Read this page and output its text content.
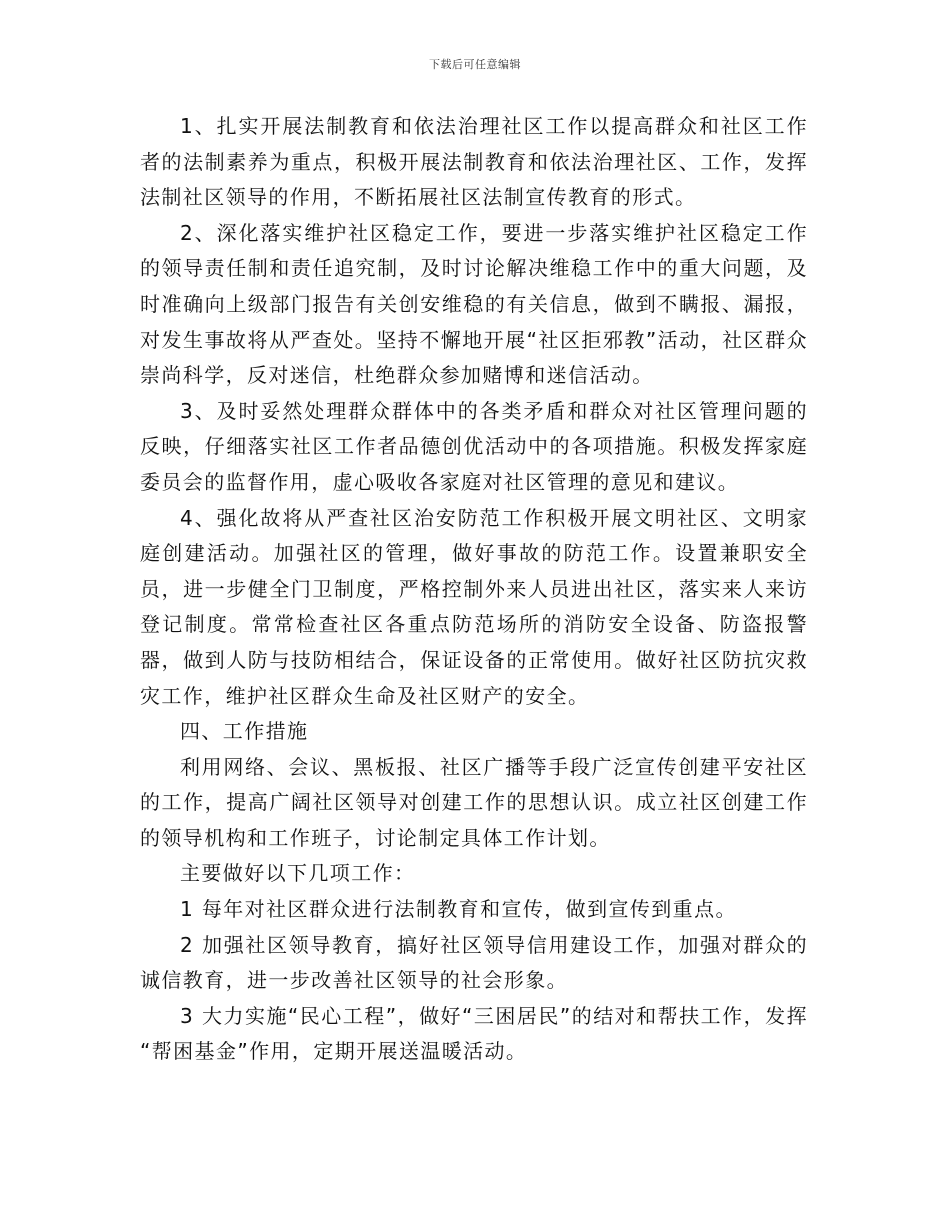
下载后可任意编辑

1、扎实开展法制教育和依法治理社区工作以提高群众和社区工作者的法制素养为重点，积极开展法制教育和依法治理社区、工作，发挥法制社区领导的作用，不断拓展社区法制宣传教育的形式。

2、深化落实维护社区稳定工作，要进一步落实维护社区稳定工作的领导责任制和责任追究制，及时讨论解决维稳工作中的重大问题，及时准确向上级部门报告有关创安维稳的有关信息，做到不瞒报、漏报，对发生事故将从严查处。坚持不懈地开展“社区拒邪教”活动，社区群众崇尚科学，反对迷信，杜绝群众参加赌博和迷信活动。

3、及时妥然处理群众群体中的各类矛盾和群众对社区管理问题的反映，仔细落实社区工作者品德创优活动中的各项措施。积极发挥家庭委员会的监督作用，虚心吸收各家庭对社区管理的意见和建议。

4、强化故将从严查社区治安防范工作积极开展文明社区、文明家庭创建活动。加强社区的管理，做好事故的防范工作。设置兼职安全员，进一步健全门卫制度，严格控制外来人员进出社区，落实来人来访登记制度。常常检查社区各重点防范场所的消防安全设备、防盗报警器，做到人防与技防相结合，保证设备的正常使用。做好社区防抗灾救灾工作，维护社区群众生命及社区财产的安全。

四、工作措施

利用网络、会议、黑板报、社区广播等手段广泛宣传创建平安社区的工作，提高广阔社区领导对创建工作的思想认识。成立社区创建工作的领导机构和工作班子，讨论制定具体工作计划。

主要做好以下几项工作：

1 每年对社区群众进行法制教育和宣传，做到宣传到重点。

2 加强社区领导教育，搞好社区领导信用建设工作，加强对群众的诚信教育，进一步改善社区领导的社会形象。

3 大力实施“民心工程”，做好“三困居民”的结对和帮扶工作，发挥 “帮困基金”作用，定期开展送温暖活动。
